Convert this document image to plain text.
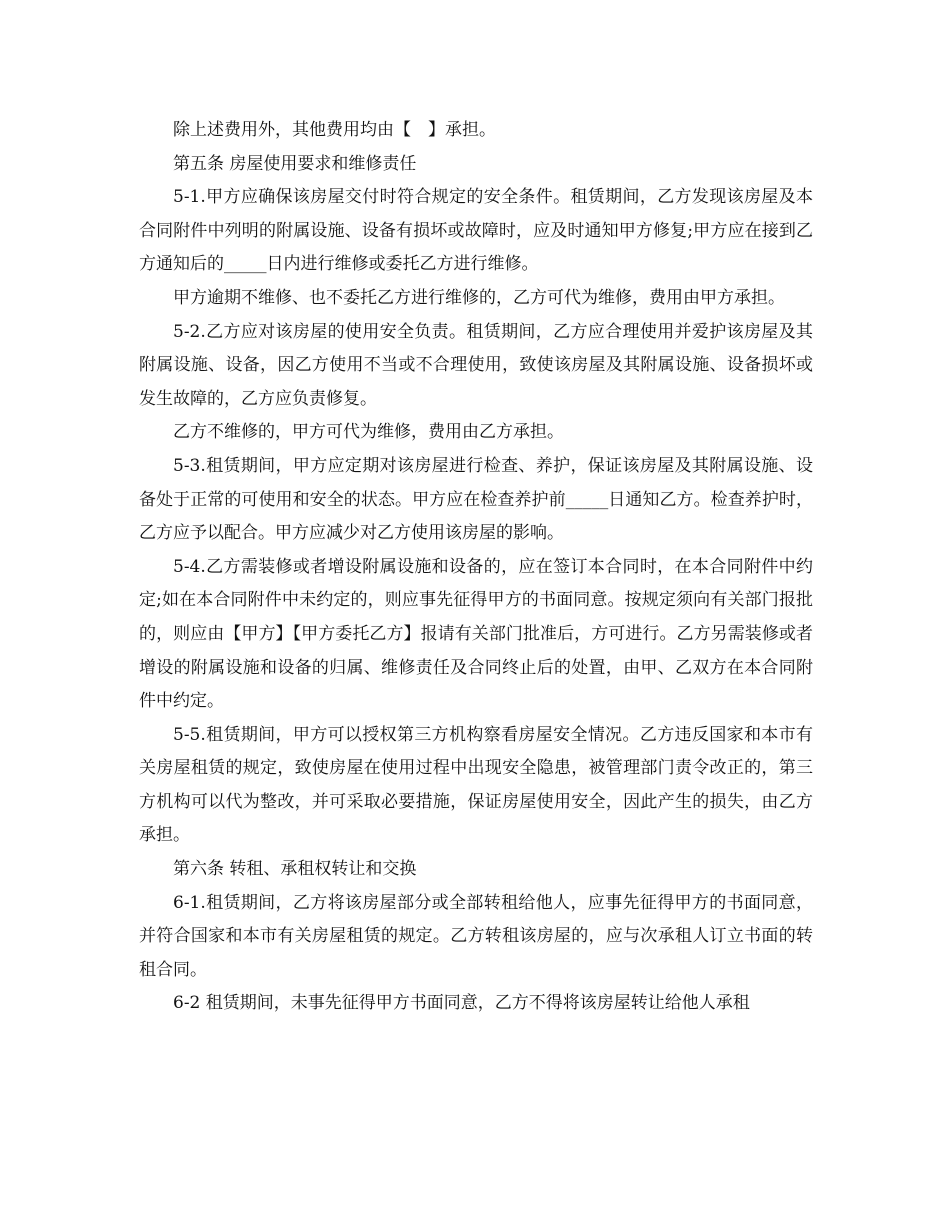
除上述费用外，其他费用均由【　】承担。

第五条 房屋使用要求和维修责任

5-1.甲方应确保该房屋交付时符合规定的安全条件。租赁期间，乙方发现该房屋及本合同附件中列明的附属设施、设备有损坏或故障时，应及时通知甲方修复;甲方应在接到乙方通知后的_____日内进行维修或委托乙方进行维修。

甲方逾期不维修、也不委托乙方进行维修的，乙方可代为维修，费用由甲方承担。

5-2.乙方应对该房屋的使用安全负责。租赁期间，乙方应合理使用并爱护该房屋及其附属设施、设备，因乙方使用不当或不合理使用，致使该房屋及其附属设施、设备损坏或发生故障的，乙方应负责修复。

乙方不维修的，甲方可代为维修，费用由乙方承担。

5-3.租赁期间，甲方应定期对该房屋进行检查、养护，保证该房屋及其附属设施、设备处于正常的可使用和安全的状态。甲方应在检查养护前_____日通知乙方。检查养护时，乙方应予以配合。甲方应减少对乙方使用该房屋的影响。

5-4.乙方需装修或者增设附属设施和设备的，应在签订本合同时，在本合同附件中约定;如在本合同附件中未约定的，则应事先征得甲方的书面同意。按规定须向有关部门报批的，则应由【甲方】【甲方委托乙方】报请有关部门批准后，方可进行。乙方另需装修或者增设的附属设施和设备的归属、维修责任及合同终止后的处置，由甲、乙双方在本合同附件中约定。

5-5.租赁期间，甲方可以授权第三方机构察看房屋安全情况。乙方违反国家和本市有关房屋租赁的规定，致使房屋在使用过程中出现安全隐患，被管理部门责令改正的，第三方机构可以代为整改，并可采取必要措施，保证房屋使用安全，因此产生的损失，由乙方承担。

第六条 转租、承租权转让和交换

6-1.租赁期间，乙方将该房屋部分或全部转租给他人，应事先征得甲方的书面同意，并符合国家和本市有关房屋租赁的规定。乙方转租该房屋的，应与次承租人订立书面的转租合同。

6-2 租赁期间，未事先征得甲方书面同意，乙方不得将该房屋转让给他人承租
